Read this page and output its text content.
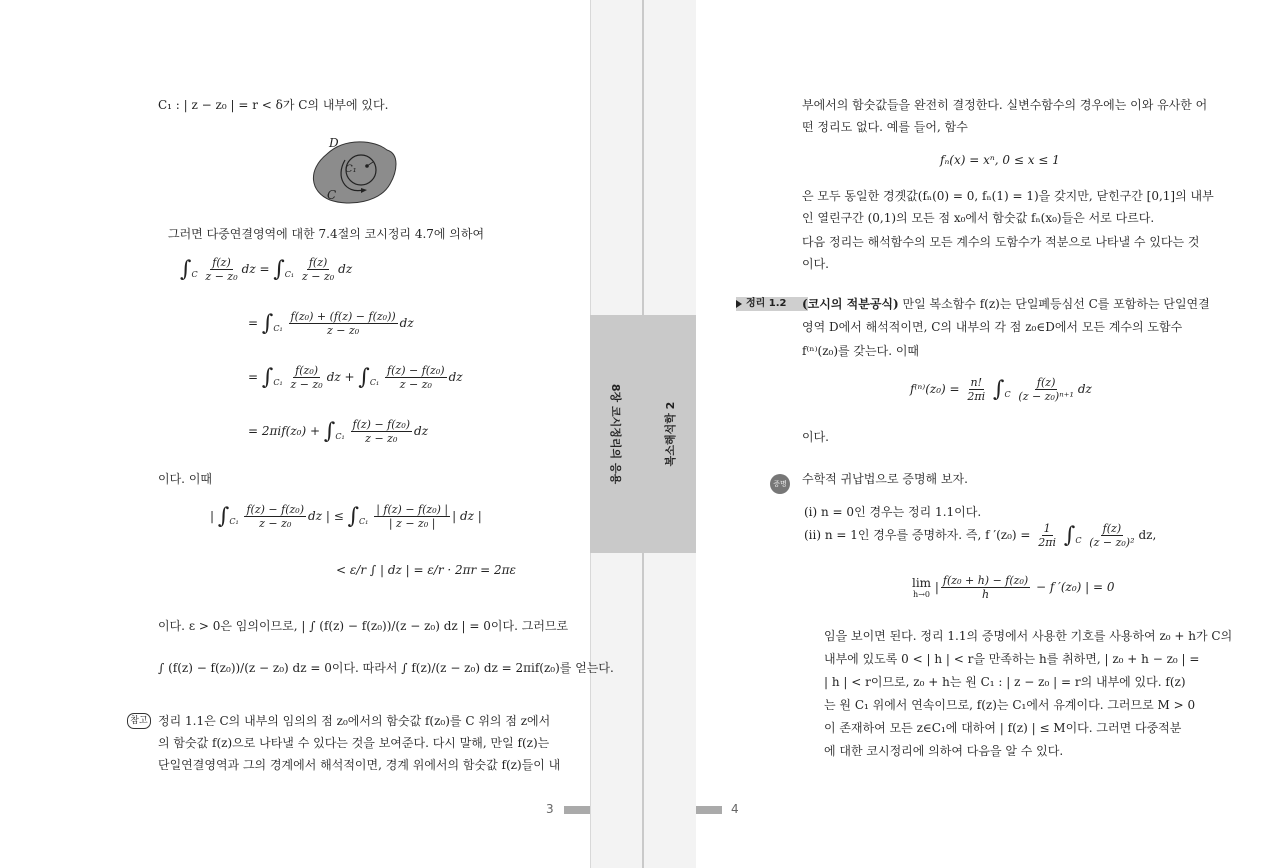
8장 코시정리의 응용	복소해석학 2
C₁ : | z − z₀ | = r < δ가 C의 내부에 있다.
D
C₁
C
그러면 다중연결영역에 대한 7.4절의 코시정리 4.7에 의하여
$\int_C \frac{f(z)}{\text{z − z₀}}$ dz = $\int_{C_1} \frac{f(z)}{\text{z − z₀}}$ dz
= $\int_{C_1} \frac{\text{f(z₀) + (f(z) − f(z₀))}}{\text{z − z₀}}$ dz
= $\int_{C_1} \frac{\text{f(z₀)}}{\text{z − z₀}}$ dz + $\int_{C_1} \frac{\text{f(z) − f(z₀)}}{\text{z − z₀}}$ dz
= $2\pi if(z_0) + \int_{C_1} \frac{\text{f(z) − f(z₀)}}{\text{z − z₀}}$ dz
이다. 이때
| $\int_{C_1} \frac{\text{f(z) − f(z₀)}}{\text{z − z₀}}$ dz | ≤ $\int_{C_1} \frac{\text{| f(z) − f(z₀) |}}{\text{| z − z₀ |}}$ | dz |
< ε/r ∫ | dz | = ε/r · 2πr = 2πε
이다. ε > 0은 임의이므로, | ∫ (f(z) − f(z₀))/(z − z₀) dz | = 0이다. 그러므로
∫ (f(z) − f(z₀))/(z − z₀) dz = 0이다. 따라서 ∫ f(z)/(z − z₀) dz = 2πif(z₀)를 얻는다.
참고 정리 1.1은 C의 내부의 임의의 점 z₀에서의 함숫값 f(z₀)를 C 위의 점 z에서
의 함숫값 f(z)으로 나타낼 수 있다는 것을 보여준다. 다시 말해, 만일 f(z)는
단일연결영역과 그의 경계에서 해석적이면, 경계 위에서의 함숫값 f(z)들이 내
3
부에서의 함숫값들을 완전히 결정한다. 실변수함수의 경우에는 이와 유사한 어
떤 정리도 없다. 예를 들어, 함수
fₙ(x) = xⁿ, 0 ≤ x ≤ 1
은 모두 동일한 경곗값(fₙ(0) = 0, fₙ(1) = 1)을 갖지만, 닫힌구간 [0,1]의 내부
인 열린구간 (0,1)의 모든 점 x₀에서 함숫값 fₙ(x₀)들은 서로 다르다.
다음 정리는 해석함수의 모든 계수의 도함수가 적분으로 나타낼 수 있다는 것
이다.
정리 1.2	(코시의 적분공식) 만일 복소함수 f(z)는 단일폐등심선 C를 포함하는 단일연결
영역 D에서 해석적이면, C의 내부의 각 점 z₀∈D에서 모든 계수의 도함수
f⁽ⁿ⁾(z₀)를 갖는다. 이때
$f^{(n)}(z_0) = \frac{n!}{2\pi i} \int_C \frac{f(z)}{\text{(z − z₀)ⁿ⁺¹}}$ dz
이다.
증명 수학적 귀납법으로 증명해 보자.
(i) n = 0인 경우는 정리 1.1이다.
(ii) n = 1인 경우를 증명하자. 즉, f $'(z_0) = \frac{1}{2\pi i} \int_C \frac{f(z)}{\text{(z − z₀)²}}$ dz,
lim
h→0
| $\frac{\text{f(z₀ + h) − f(z₀)}}{h} - f$ ′(z₀) | = 0
임을 보이면 된다. 정리 1.1의 증명에서 사용한 기호를 사용하여 z₀ + h가 C의
내부에 있도록 0 < | h | < r을 만족하는 h를 취하면, | z₀ + h − z₀ | =
| h | < r이므로, z₀ + h는 원 C₁ : | z − z₀ | = r의 내부에 있다. f(z)
는 원 C₁ 위에서 연속이므로, f(z)는 C₁에서 유계이다. 그러므로 M > 0
이 존재하여 모든 z∈C₁에 대하여 | f(z) | ≤ M이다. 그러면 다중적분
에 대한 코시정리에 의하여 다음을 알 수 있다.
4
